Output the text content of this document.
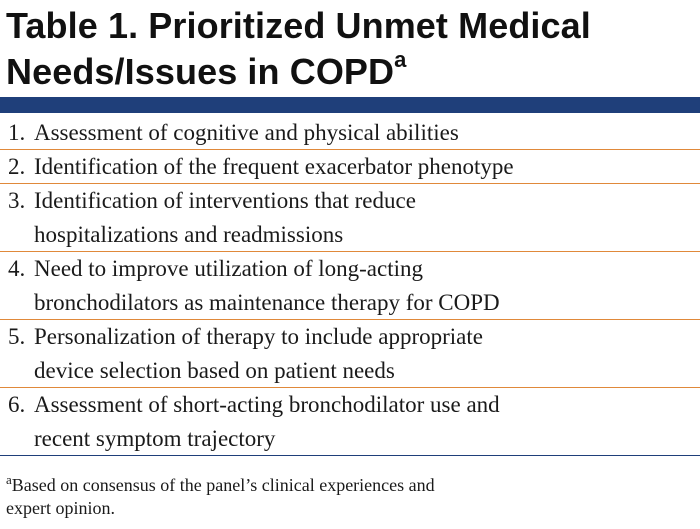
Table 1. Prioritized Unmet Medical
Needs/Issues in COPD$^a$
1. Assessment of cognitive and physical abilities
2. Identification of the frequent exacerbator phenotype
3. Identification of interventions that reduce
hospitalizations and readmissions
4. Need to improve utilization of long-acting
bronchodilators as maintenance therapy for COPD
5. Personalization of therapy to include appropriate
device selection based on patient needs
6. Assessment of short-acting bronchodilator use and
recent symptom trajectory
$^a$Based on consensus of the panel’s clinical experiences and
expert opinion.
